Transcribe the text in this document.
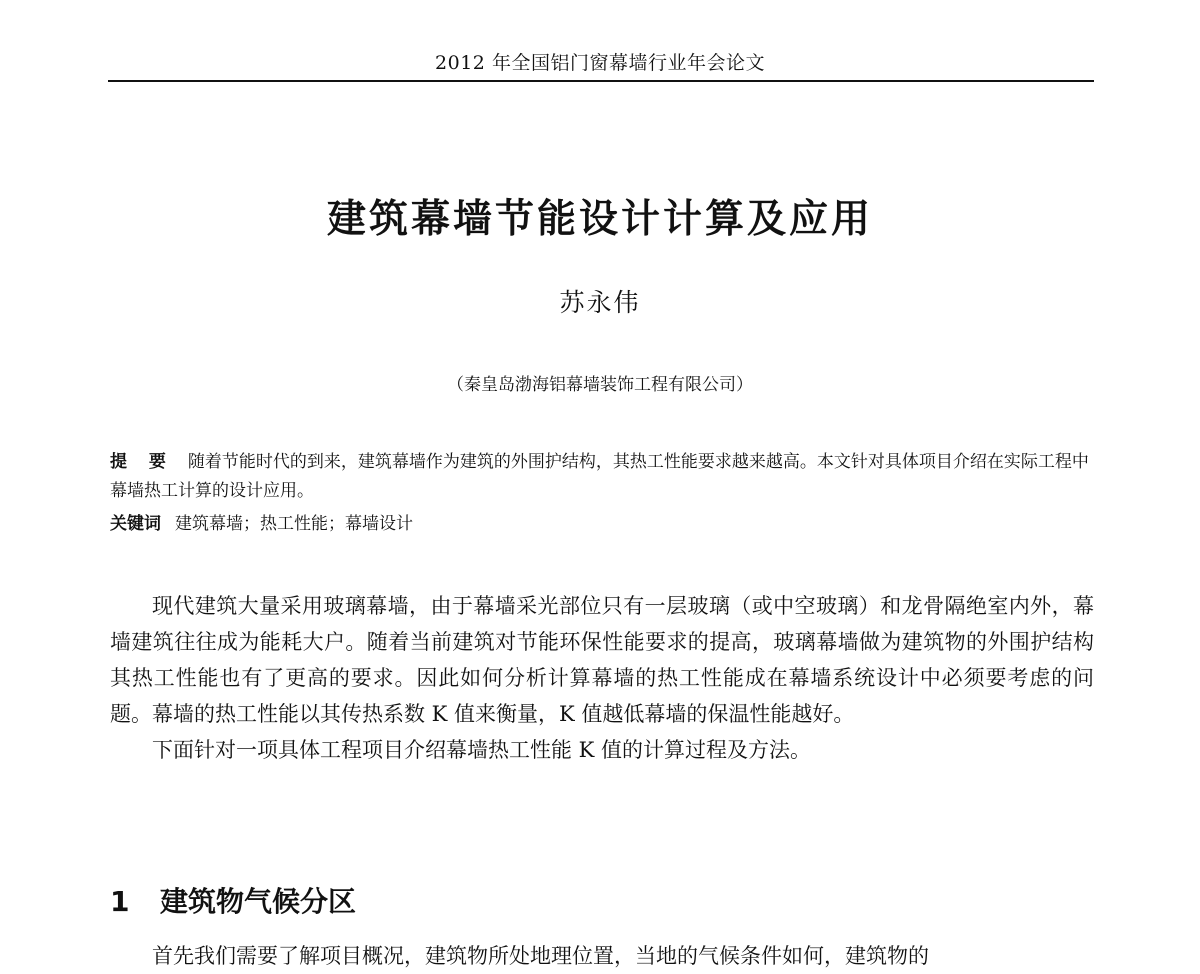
2012 年全国铝门窗幕墙行业年会论文
建筑幕墙节能设计计算及应用
苏永伟
（秦皇岛渤海铝幕墙装饰工程有限公司）
提 要 随着节能时代的到来，建筑幕墙作为建筑的外围护结构，其热工性能要求越来越高。本文针对具体项目介绍在实际工程中幕墙热工计算的设计应用。
关键词 建筑幕墙；热工性能；幕墙设计

现代建筑大量采用玻璃幕墙，由于幕墙采光部位只有一层玻璃（或中空玻璃）和龙骨隔绝室内外，幕墙建筑往往成为能耗大户。随着当前建筑对节能环保性能要求的提高，玻璃幕墙做为建筑物的外围护结构其热工性能也有了更高的要求。因此如何分析计算幕墙的热工性能成在幕墙系统设计中必须要考虑的问题。幕墙的热工性能以其传热系数 K 值来衡量，K 值越低幕墙的保温性能越好。

下面针对一项具体工程项目介绍幕墙热工性能 K 值的计算过程及方法。

1 建筑物气候分区
首先我们需要了解项目概况，建筑物所处地理位置，当地的气候条件如何，建筑物的
